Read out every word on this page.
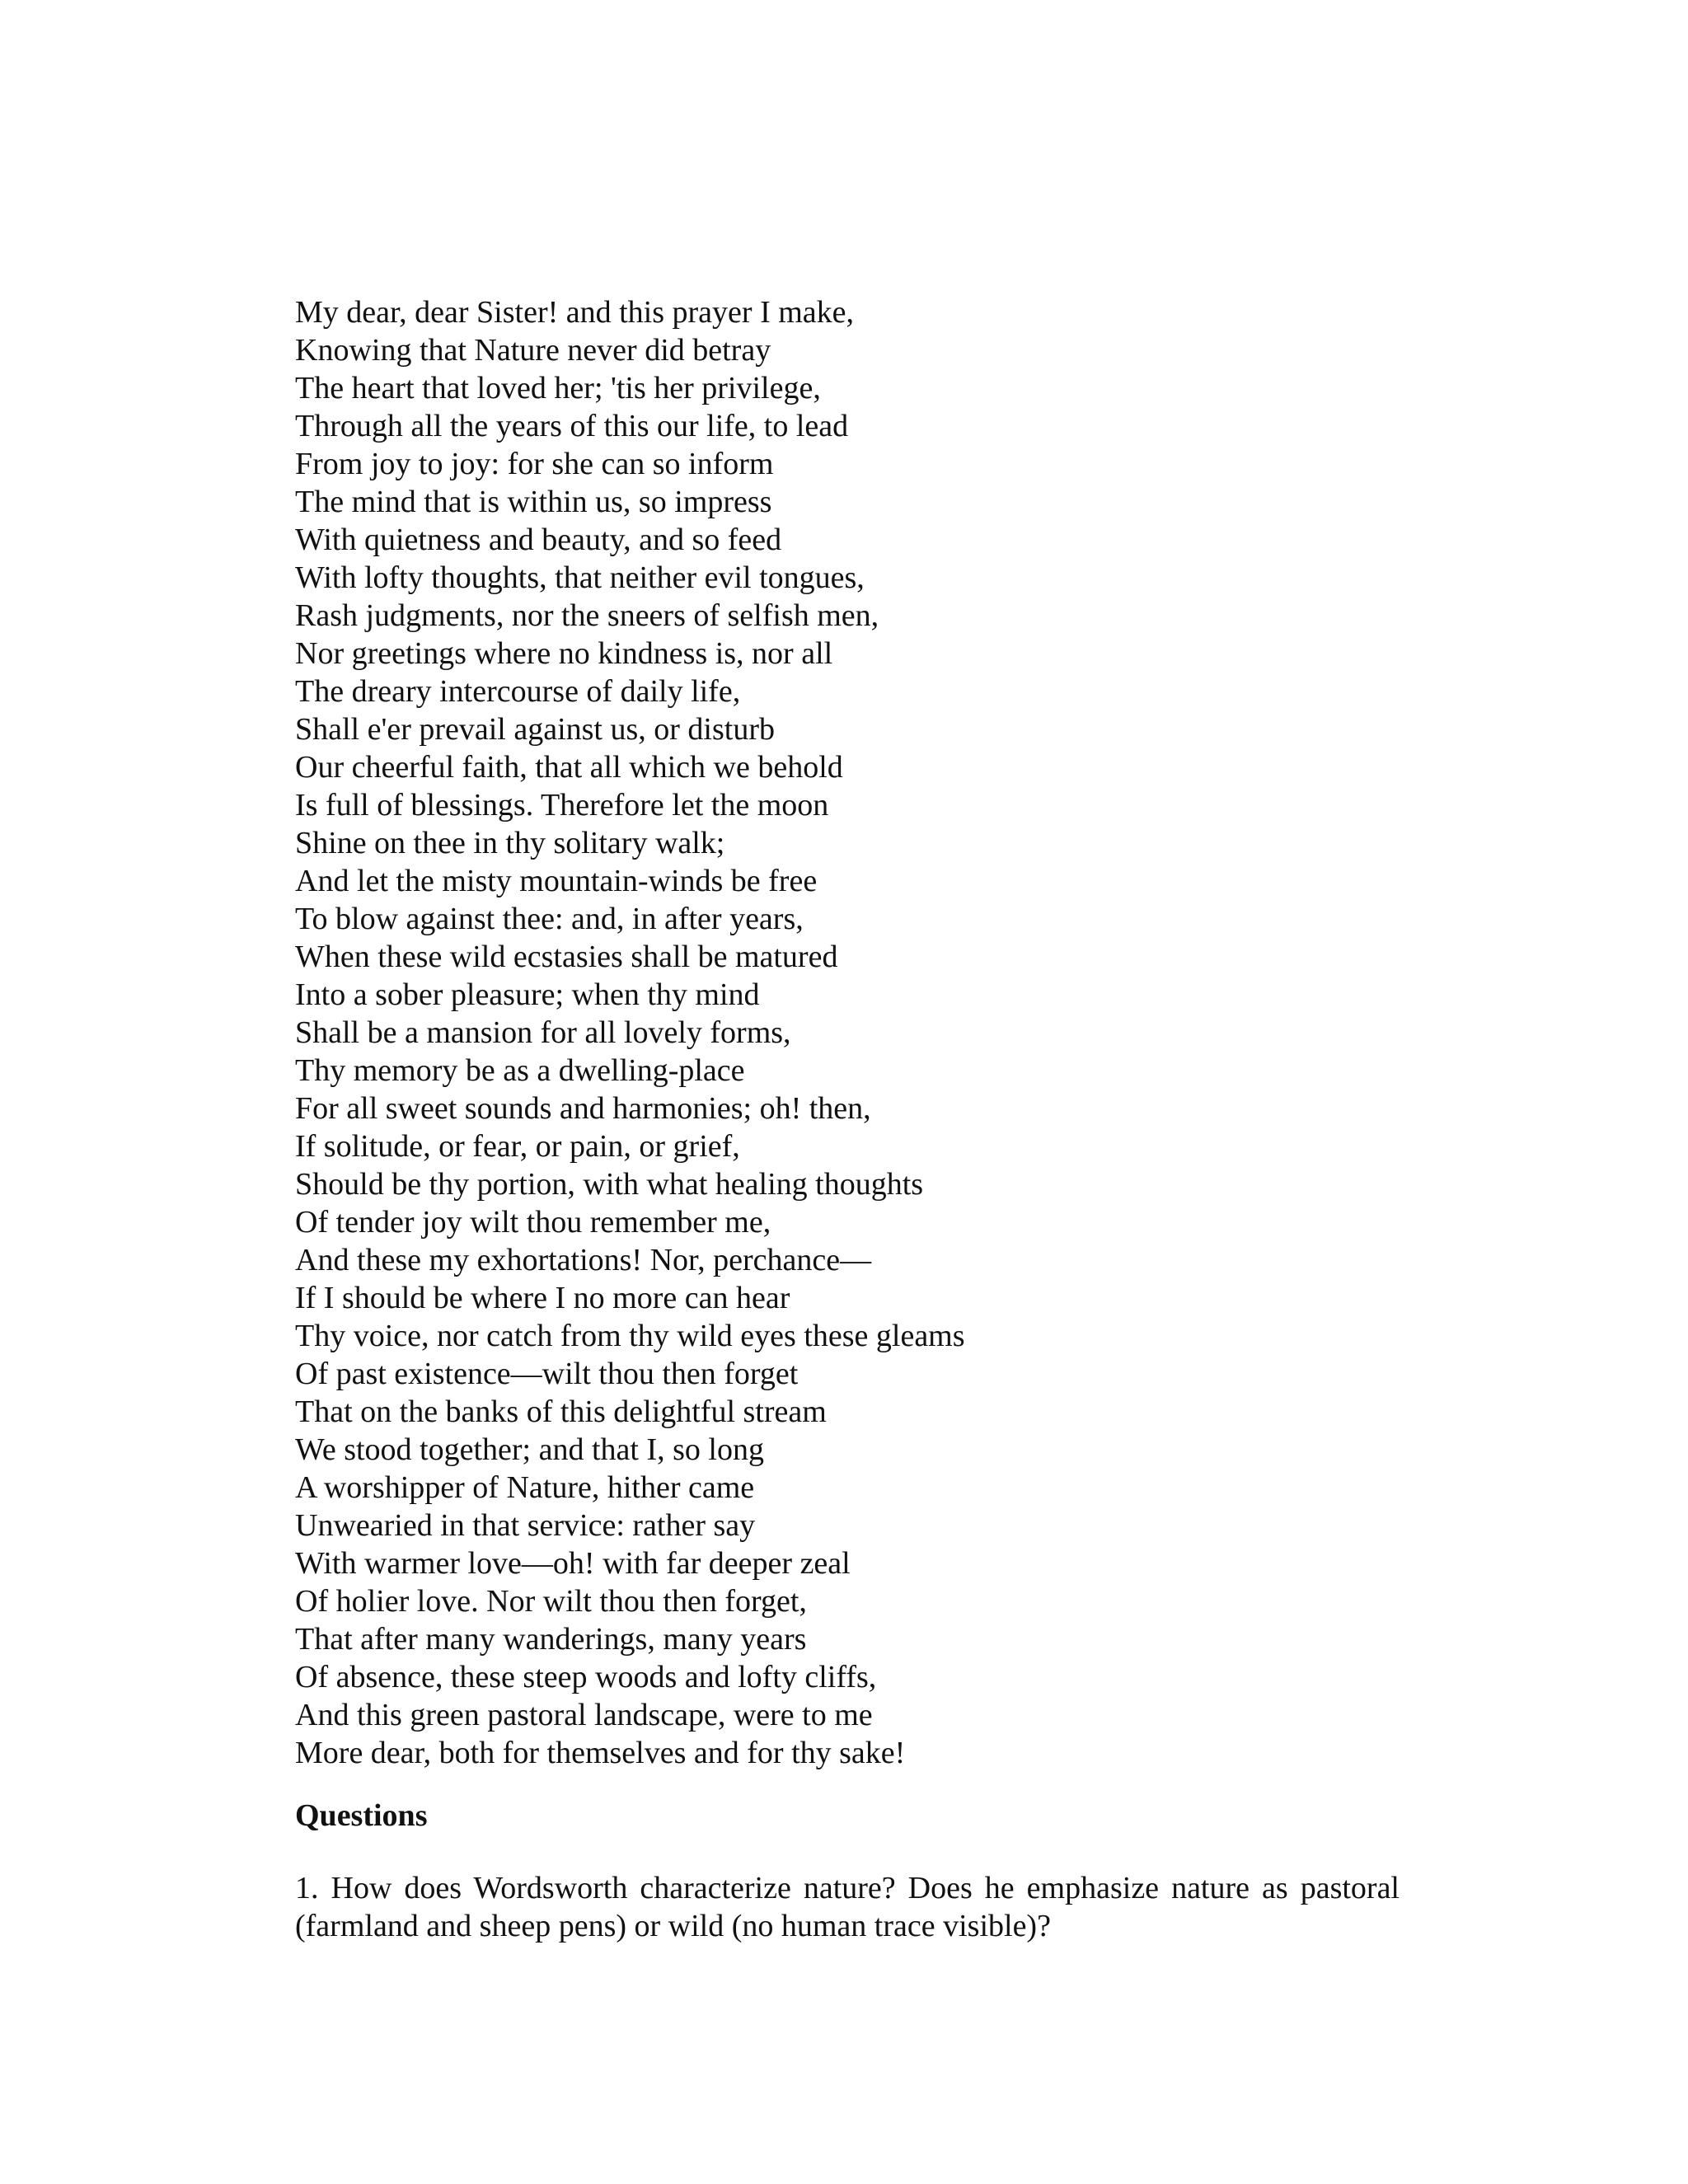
My dear, dear Sister! and this prayer I make,
Knowing that Nature never did betray
The heart that loved her; 'tis her privilege,
Through all the years of this our life, to lead
From joy to joy: for she can so inform
The mind that is within us, so impress
With quietness and beauty, and so feed
With lofty thoughts, that neither evil tongues,
Rash judgments, nor the sneers of selfish men,
Nor greetings where no kindness is, nor all
The dreary intercourse of daily life,
Shall e'er prevail against us, or disturb
Our cheerful faith, that all which we behold
Is full of blessings. Therefore let the moon
Shine on thee in thy solitary walk;
And let the misty mountain-winds be free
To blow against thee: and, in after years,
When these wild ecstasies shall be matured
Into a sober pleasure; when thy mind
Shall be a mansion for all lovely forms,
Thy memory be as a dwelling-place
For all sweet sounds and harmonies; oh! then,
If solitude, or fear, or pain, or grief,
Should be thy portion, with what healing thoughts
Of tender joy wilt thou remember me,
And these my exhortations! Nor, perchance—
If I should be where I no more can hear
Thy voice, nor catch from thy wild eyes these gleams
Of past existence—wilt thou then forget
That on the banks of this delightful stream
We stood together; and that I, so long
A worshipper of Nature, hither came
Unwearied in that service: rather say
With warmer love—oh! with far deeper zeal
Of holier love. Nor wilt thou then forget,
That after many wanderings, many years
Of absence, these steep woods and lofty cliffs,
And this green pastoral landscape, were to me
More dear, both for themselves and for thy sake!
Questions

1. How does Wordsworth characterize nature? Does he emphasize nature as pastoral (farmland and sheep pens) or wild (no human trace visible)?
